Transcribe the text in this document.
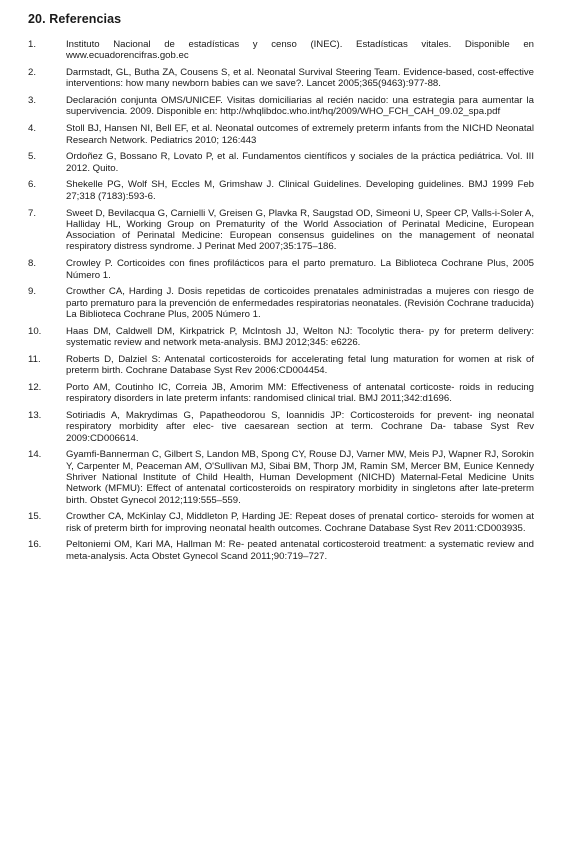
20. Referencias
1.	Instituto Nacional de estadísticas y censo (INEC). Estadísticas vitales. Disponible en www.ecuadorencifras.gob.ec
2.	Darmstadt, GL, Butha ZA, Cousens S, et al. Neonatal Survival Steering Team. Evidence-based, cost-effective interventions: how many newborn babies can we save?. Lancet 2005;365(9463):977-88.
3.	Declaración conjunta OMS/UNICEF. Visitas domiciliarias al recién nacido: una estrategia para aumentar la supervivencia. 2009. Disponible en: http://whqlibdoc.who.int/hq/2009/WHO_FCH_CAH_09.02_spa.pdf
4.	Stoll BJ, Hansen NI, Bell EF, et al. Neonatal outcomes of extremely preterm infants from the NICHD Neonatal Research Network. Pediatrics 2010; 126:443
5.	Ordoñez G, Bossano R, Lovato P, et al. Fundamentos científicos y sociales de la práctica pediátrica. Vol. III 2012. Quito.
6.	Shekelle PG, Wolf SH, Eccles M, Grimshaw J. Clinical Guidelines. Developing guidelines. BMJ 1999 Feb 27;318 (7183):593-6.
7.	Sweet D, Bevilacqua G, Carnielli V, Greisen G, Plavka R, Saugstad OD, Simeoni U, Speer CP, Valls-i-Soler A, Halliday HL, Working Group on Prematurity of the World Association of Perinatal Medicine, European Association of Perinatal Medicine: European consensus guidelines on the management of neonatal respiratory distress syndrome. J Perinat Med 2007;35:175–186.
8.	Crowley P. Corticoides con fines profilácticos para el parto prematuro. La Biblioteca Cochrane Plus, 2005 Número 1.
9.	Crowther CA, Harding J. Dosis repetidas de corticoides prenatales administradas a mujeres con riesgo de parto prematuro para la prevención de enfermedades respiratorias neonatales. (Revisión Cochrane traducida) La Biblioteca Cochrane Plus, 2005 Número 1.
10.	Haas DM, Caldwell DM, Kirkpatrick P, McIntosh JJ, Welton NJ: Tocolytic thera- py for preterm delivery: systematic review and network meta-analysis. BMJ 2012;345: e6226.
11.	Roberts D, Dalziel S: Antenatal corticosteroids for accelerating fetal lung maturation for women at risk of preterm birth. Cochrane Database Syst Rev 2006:CD004454.
12.	Porto AM, Coutinho IC, Correia JB, Amorim MM: Effectiveness of antenatal corticoste- roids in reducing respiratory disorders in late preterm infants: randomised clinical trial. BMJ 2011;342:d1696.
13.	Sotiriadis A, Makrydimas G, Papatheodorou S, Ioannidis JP: Corticosteroids for prevent- ing neonatal respiratory morbidity after elec- tive caesarean section at term. Cochrane Da- tabase Syst Rev 2009:CD006614.
14.	Gyamfi-Bannerman C, Gilbert S, Landon MB, Spong CY, Rouse DJ, Varner MW, Meis PJ, Wapner RJ, Sorokin Y, Carpenter M, Peaceman AM, O'Sullivan MJ, Sibai BM, Thorp JM, Ramin SM, Mercer BM, Eunice Kennedy Shriver National Institute of Child Health, Human Development (NICHD) Maternal-Fetal Medicine Units Network (MFMU): Effect of antenatal corticosteroids on respiratory morbidity in singletons after late-preterm birth. Obstet Gynecol 2012;119:555–559.
15.	Crowther CA, McKinlay CJ, Middleton P, Harding JE: Repeat doses of prenatal cortico- steroids for women at risk of preterm birth for improving neonatal health outcomes. Cochrane Database Syst Rev 2011:CD003935.
16.	Peltoniemi OM, Kari MA, Hallman M: Re- peated antenatal corticosteroid treatment: a systematic review and meta-analysis. Acta Obstet Gynecol Scand 2011;90:719–727.
